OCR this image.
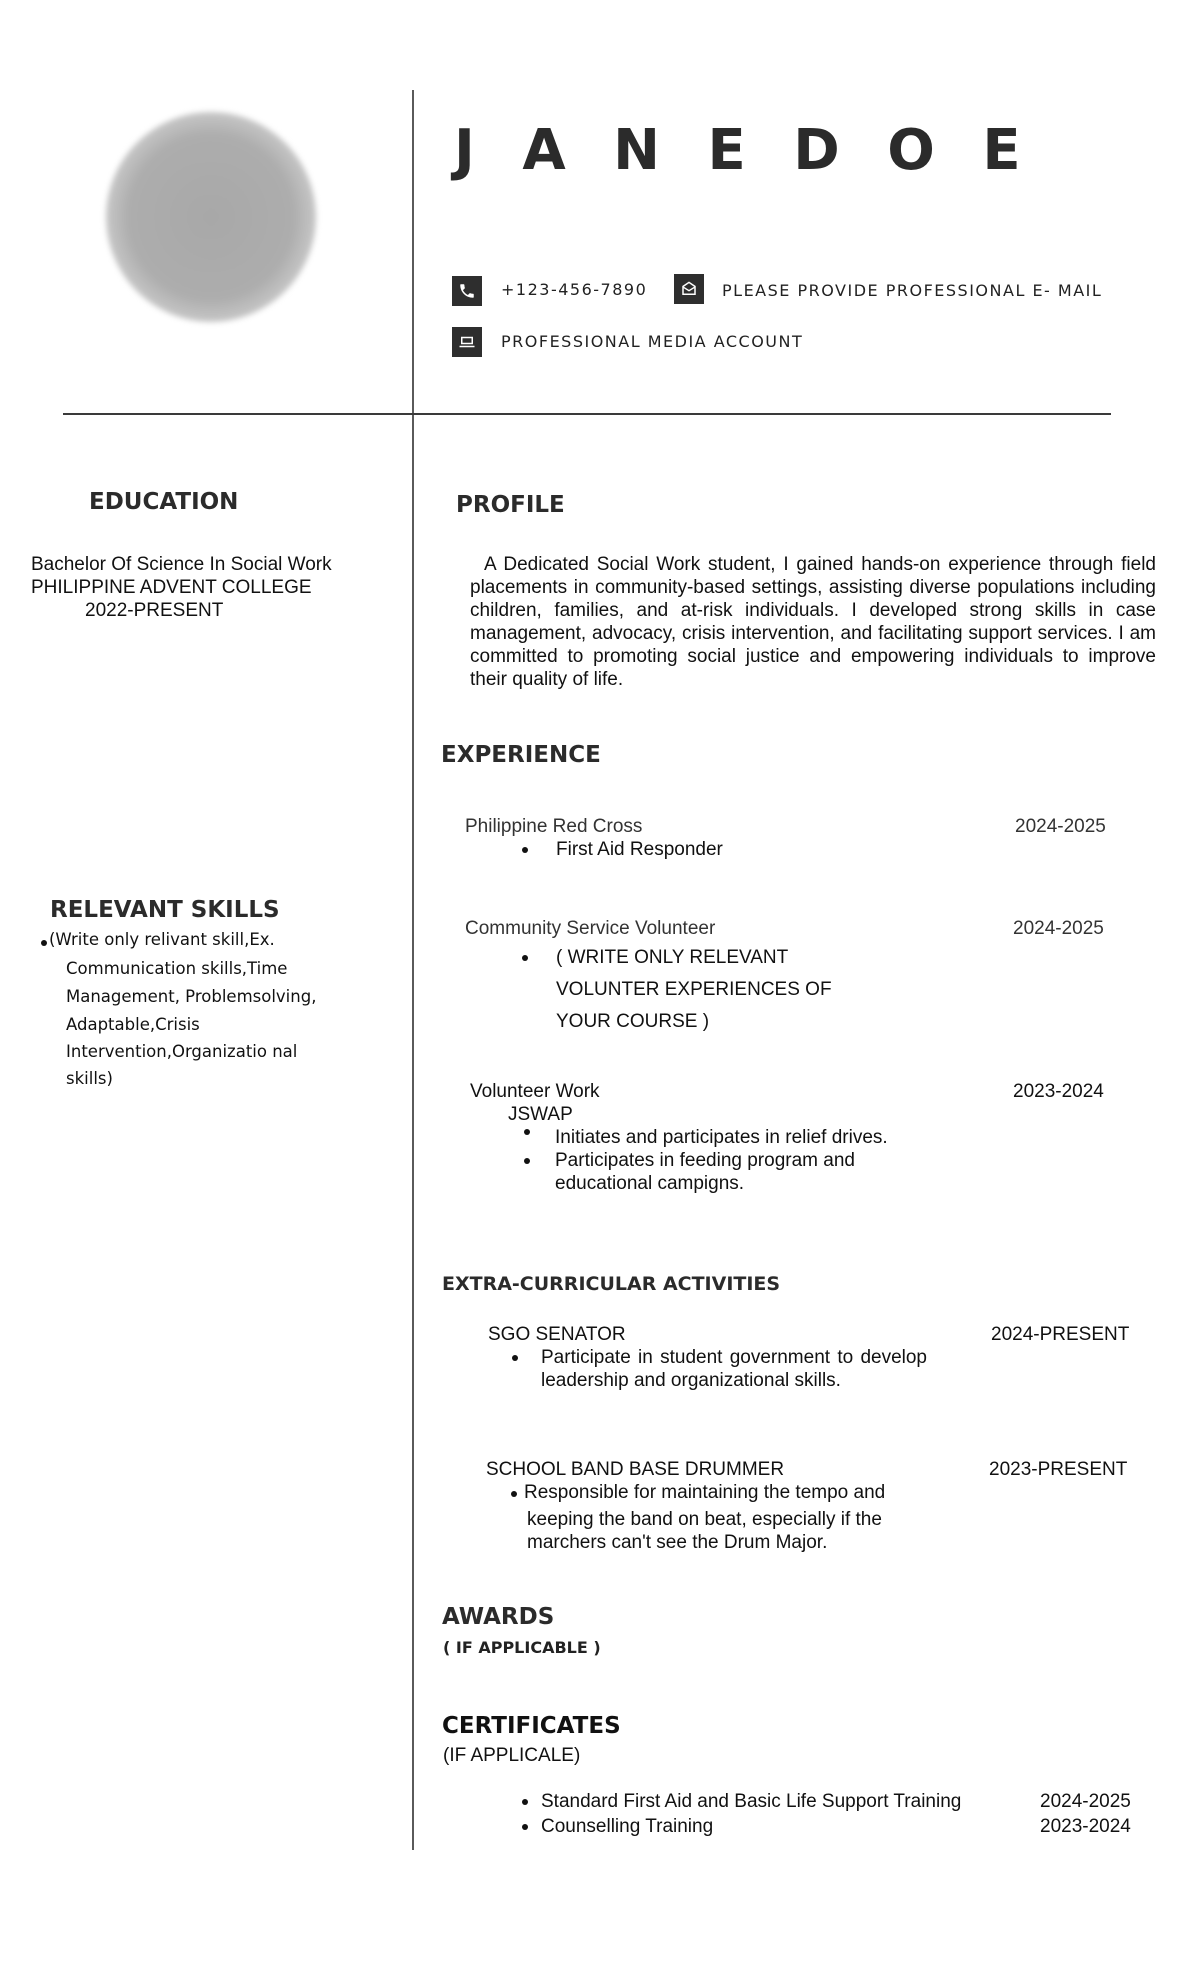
J A N E D O E
+123-456-7890	PLEASE PROVIDE PROFESSIONAL E- MAIL
PROFESSIONAL MEDIA ACCOUNT
EDUCATION
Bachelor Of Science In Social Work
PHILIPPINE ADVENT COLLEGE
2022-PRESENT
RELEVANT SKILLS
(Write only relivant skill,Ex.
Communication skills,Time
Management, Problemsolving,
Adaptable,Crisis
Intervention,Organizatio nal
skills)
PROFILE
A Dedicated Social Work student, I gained hands-on experience through field placements in community-based settings, assisting diverse populations including children, families, and at-risk individuals. I developed strong skills in case management, advocacy, crisis intervention, and facilitating support services. I am committed to promoting social justice and empowering individuals to improve their quality of life.
EXPERIENCE
Philippine Red Cross	2024-2025
First Aid Responder
Community Service Volunteer	2024-2025
( WRITE ONLY RELEVANT
VOLUNTER EXPERIENCES OF
YOUR COURSE )
Volunteer Work	2023-2024
JSWAP
Initiates and participates in relief drives.
Participates in feeding program and
educational campigns.
EXTRA-CURRICULAR ACTIVITIES
SGO SENATOR	2024-PRESENT
Participate in student government to develop leadership and organizational skills.
SCHOOL BAND BASE DRUMMER	2023-PRESENT
Responsible for maintaining the tempo and
keeping the band on beat, especially if the
marchers can't see the Drum Major.
AWARDS
( IF APPLICABLE )
CERTIFICATES
(IF APPLICALE)
Standard First Aid and Basic Life Support Training	2024-2025
Counselling Training	2023-2024
